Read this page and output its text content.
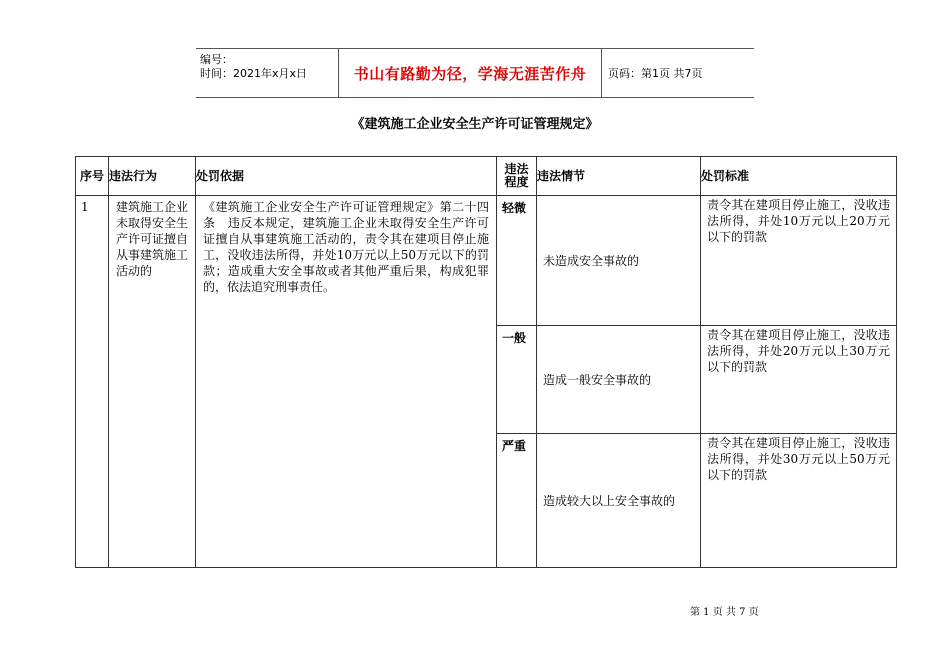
编号：
时间：2021年x月x日	书山有路勤为径，学海无涯苦作舟 页码：第1页 共7页
《建筑施工企业安全生产许可证管理规定》
序号	违法行为	处罚依据	违法程度	违法情节	处罚标准
1	建筑施工企业未取得安全生产许可证擅自从事建筑施工活动的	《建筑施工企业安全生产许可证管理规定》第二十四条　违反本规定，建筑施工企业未取得安全生产许可证擅自从事建筑施工活动的，责令其在建项目停止施工，没收违法所得，并处10万元以上50万元以下的罚款；造成重大安全事故或者其他严重后果，构成犯罪的，依法追究刑事责任。	轻微	未造成安全事故的	责令其在建项目停止施工，没收违法所得，并处10万元以上20万元以下的罚款
			一般	造成一般安全事故的	责令其在建项目停止施工，没收违法所得，并处20万元以上30万元以下的罚款
			严重	造成较大以上安全事故的	责令其在建项目停止施工，没收违法所得，并处30万元以上50万元以下的罚款
第 1 页 共 7 页
